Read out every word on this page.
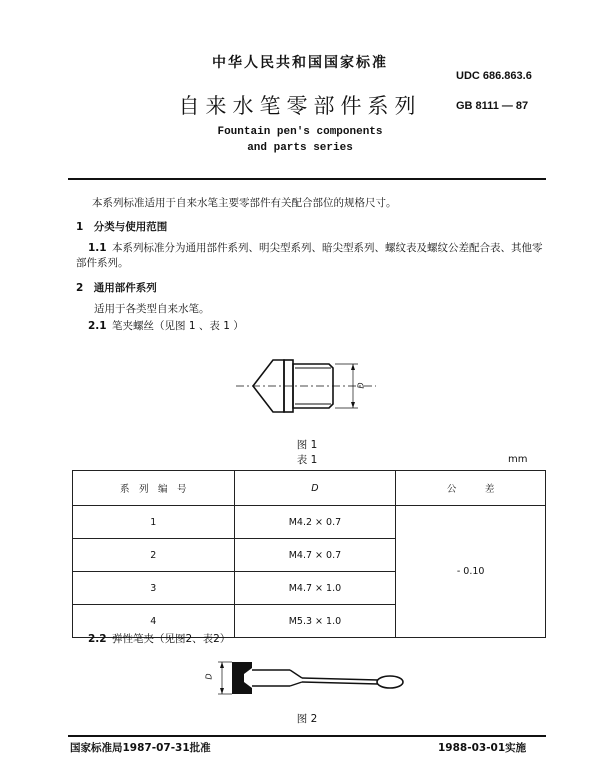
中华人民共和国国家标准
UDC 686.863.6
自来水笔零部件系列	GB 8111 — 87
Fountain pen's components
and parts series
本系列标准适用于自来水笔主要零部件有关配合部位的规格尺寸。
1　分类与使用范围
1.1 本系列标准分为通用部件系列、明尖型系列、暗尖型系列、螺纹表及螺纹公差配合表、其他零
部件系列。
2　通用部件系列
适用于各类型自来水笔。
2.1 笔夹螺丝（见图 1 、表 1 ）
D
图 1
表 1	mm
系　列　编　号	D	公　　　差
1	M4.2 × 0.7	- 0.10
2	M4.7 × 0.7	
3	M4.7 × 1.0	
4	M5.3 × 1.0	
2.2 弹性笔夹（见图2、表2）
D
图 2
国家标准局1987-07-31批准	1988-03-01实施
